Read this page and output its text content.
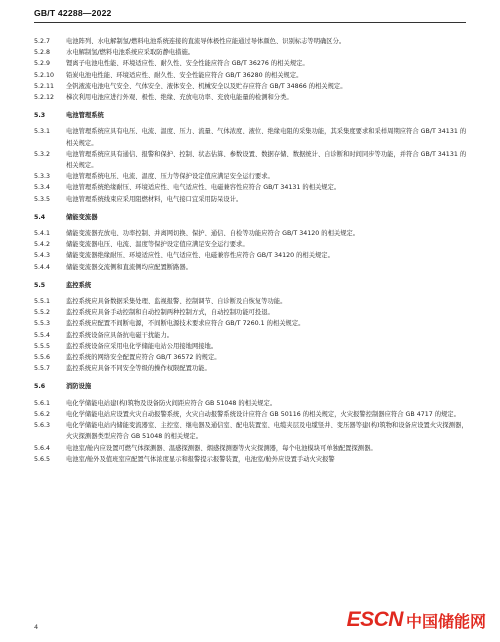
GB/T 42288—2022
5.2.7	电池阵列、水电解制氢/燃料电池系统连接的直流导体极性应能通过导体颜色、识别标志等明确区分。
5.2.8	水电解制氢/燃料电池系统应采取防静电措施。
5.2.9	锂离子电池电性能、环境适应性、耐久性、安全性能应符合 GB/T 36276 的相关规定。
5.2.10 铅炭电池电性能、环境适应性、耐久性、安全性能应符合 GB/T 36280 的相关规定。
5.2.11 全钒液流电池电气安全、气体安全、液体安全、机械安全以及贮存应符合 GB/T 34866 的相关规定。
5.2.12 梯次利用电池应进行外观、极性、绝缘、充放电功率、充放电能量的检测和分类。
5.3	电池管理系统
5.3.1	电池管理系统应具有电压、电流、温度、压力、流量、气体浓度、液位、绝缘电阻的采集功能，其采集度要求和采样周期应符合 GB/T 34131 的相关规定。
5.3.2	电池管理系统应具有通信、报警和保护、控制、状态估算、参数设置、数据存储、数据统计、自诊断和时间同步等功能，并符合 GB/T 34131 的相关规定。
5.3.3	电池管理系统电压、电流、温度、压力等保护设定值应满足安全运行要求。
5.3.4	电池管理系统绝缘耐压、环境适应性、电气适应性、电磁兼容性应符合 GB/T 34131 的相关规定。
5.3.5	电池管理系统线束应采用阻燃材料，电气接口宜采用防呆设计。
5.4	储能变流器
5.4.1	储能变流器充放电、功率控制、并离网切换、保护、通信、自检等功能应符合 GB/T 34120 的相关规定。
5.4.2	储能变流器电压、电流、温度等保护设定值应满足安全运行要求。
5.4.3	储能变流器绝缘耐压、环境适应性、电气适应性、电磁兼容性应符合 GB/T 34120 的相关规定。
5.4.4	储能变流器交流侧和直流侧均应配置断路器。
5.5	监控系统
5.5.1	监控系统应具备数据采集处理、监视报警、控制调节、自诊断及自恢复等功能。
5.5.2	监控系统应具备手动控制和自动控制两种控制方式，自动控制功能可投退。
5.5.3	监控系统应配置不间断电源，不间断电源技术要求应符合 GB/T 7260.1 的相关规定。
5.5.4	监控系统设备应具备抗电磁干扰能力。
5.5.5	监控系统设备应采用电化学储能电站公用接地网接地。
5.5.6	监控系统的网络安全配置应符合 GB/T 36572 的规定。
5.5.7	监控系统应具备不同安全等级的操作权限配置功能。
5.6	消防设施
5.6.1	电化学储能电站建(构)筑物及设备防火间距应符合 GB 51048 的相关规定。
5.6.2	电化学储能电站应设置火灾自动报警系统，火灾自动报警系统设计应符合 GB 50116 的相关规定，火灾报警控制器应符合 GB 4717 的规定。
5.6.3	电化学储能电站内储能变流器室、主控室、继电器及通信室、配电装置室、电缆夹层及电缆竖井、变压器等建(构)筑物和设备应设置火灾探测器，火灾探测器类型应符合 GB 51048 的相关规定。
5.6.4	电池室/舱内应设置可燃气体探测器、温感探测器、烟感探测器等火灾探测器，每个电池模块可单独配置探测器。
5.6.5	电池室/舱外及值班室应配置气体浓度显示和报警提示报警装置，电池室/舱外应设置手动火灾报警
4	ESCN 中国储能网
